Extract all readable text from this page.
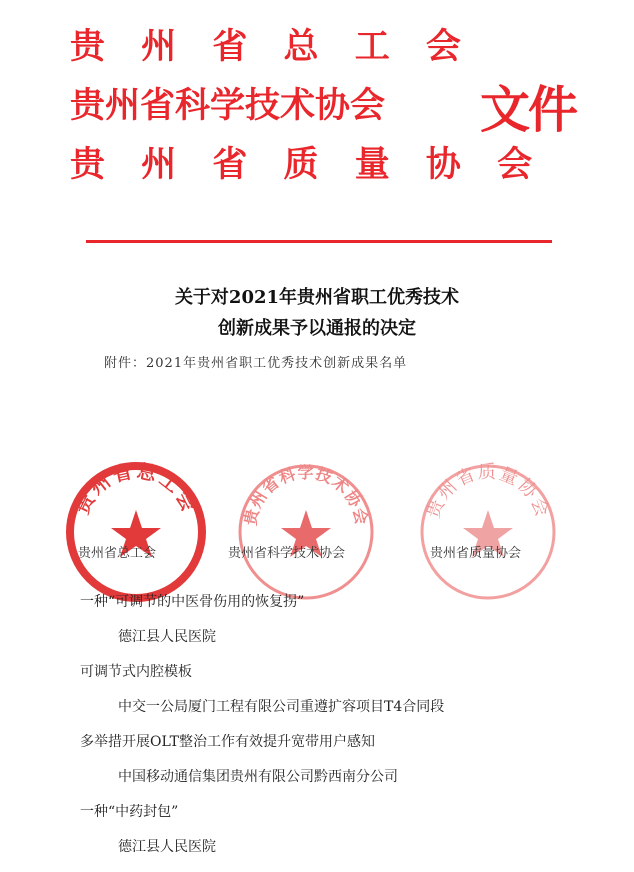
贵 州 省 总 工 会
贵州省科学技术协会
贵 州 省 质 量 协 会
文件
关于对2021年贵州省职工优秀技术
创新成果予以通报的决定
附件：2021年贵州省职工优秀技术创新成果名单
贵州省总工会
贵州省总工会
贵州省科学技术协会
贵州省科学技术协会
贵州省质量协会
贵州省质量协会
一种“可调节的中医骨伤用的恢复拐”
德江县人民医院
可调节式内腔模板
中交一公局厦门工程有限公司重遵扩容项目T4合同段
多举措开展OLT整治工作有效提升宽带用户感知
中国移动通信集团贵州有限公司黔西南分公司
一种“中药封包”
德江县人民医院
